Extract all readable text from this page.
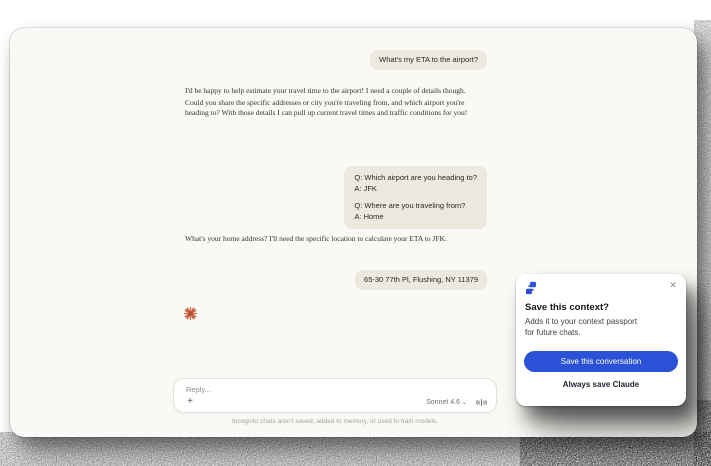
What's my ETA to the airport?

I'd be happy to help estimate your travel time to the airport! I need a couple of details though.

Could you share the specific addresses or city you're traveling from, and which airport you're heading to? With those details I can pull up current travel times and traffic conditions for you!

Q: Which airport are you heading to?
A: JFK
Q: Where are you traveling from?
A: Home
What's your home address? I'll need the specific location to calculate your ETA to JFK.
65-30 77th Pl, Flushing, NY 11379
Reply...
+	Sonnet 4.6 ⌄
Incognito chats aren't saved, added to memory, or used to train models.
✕
Save this context?
Adds it to your context passport for future chats.
Save this conversation
Always save Claude
